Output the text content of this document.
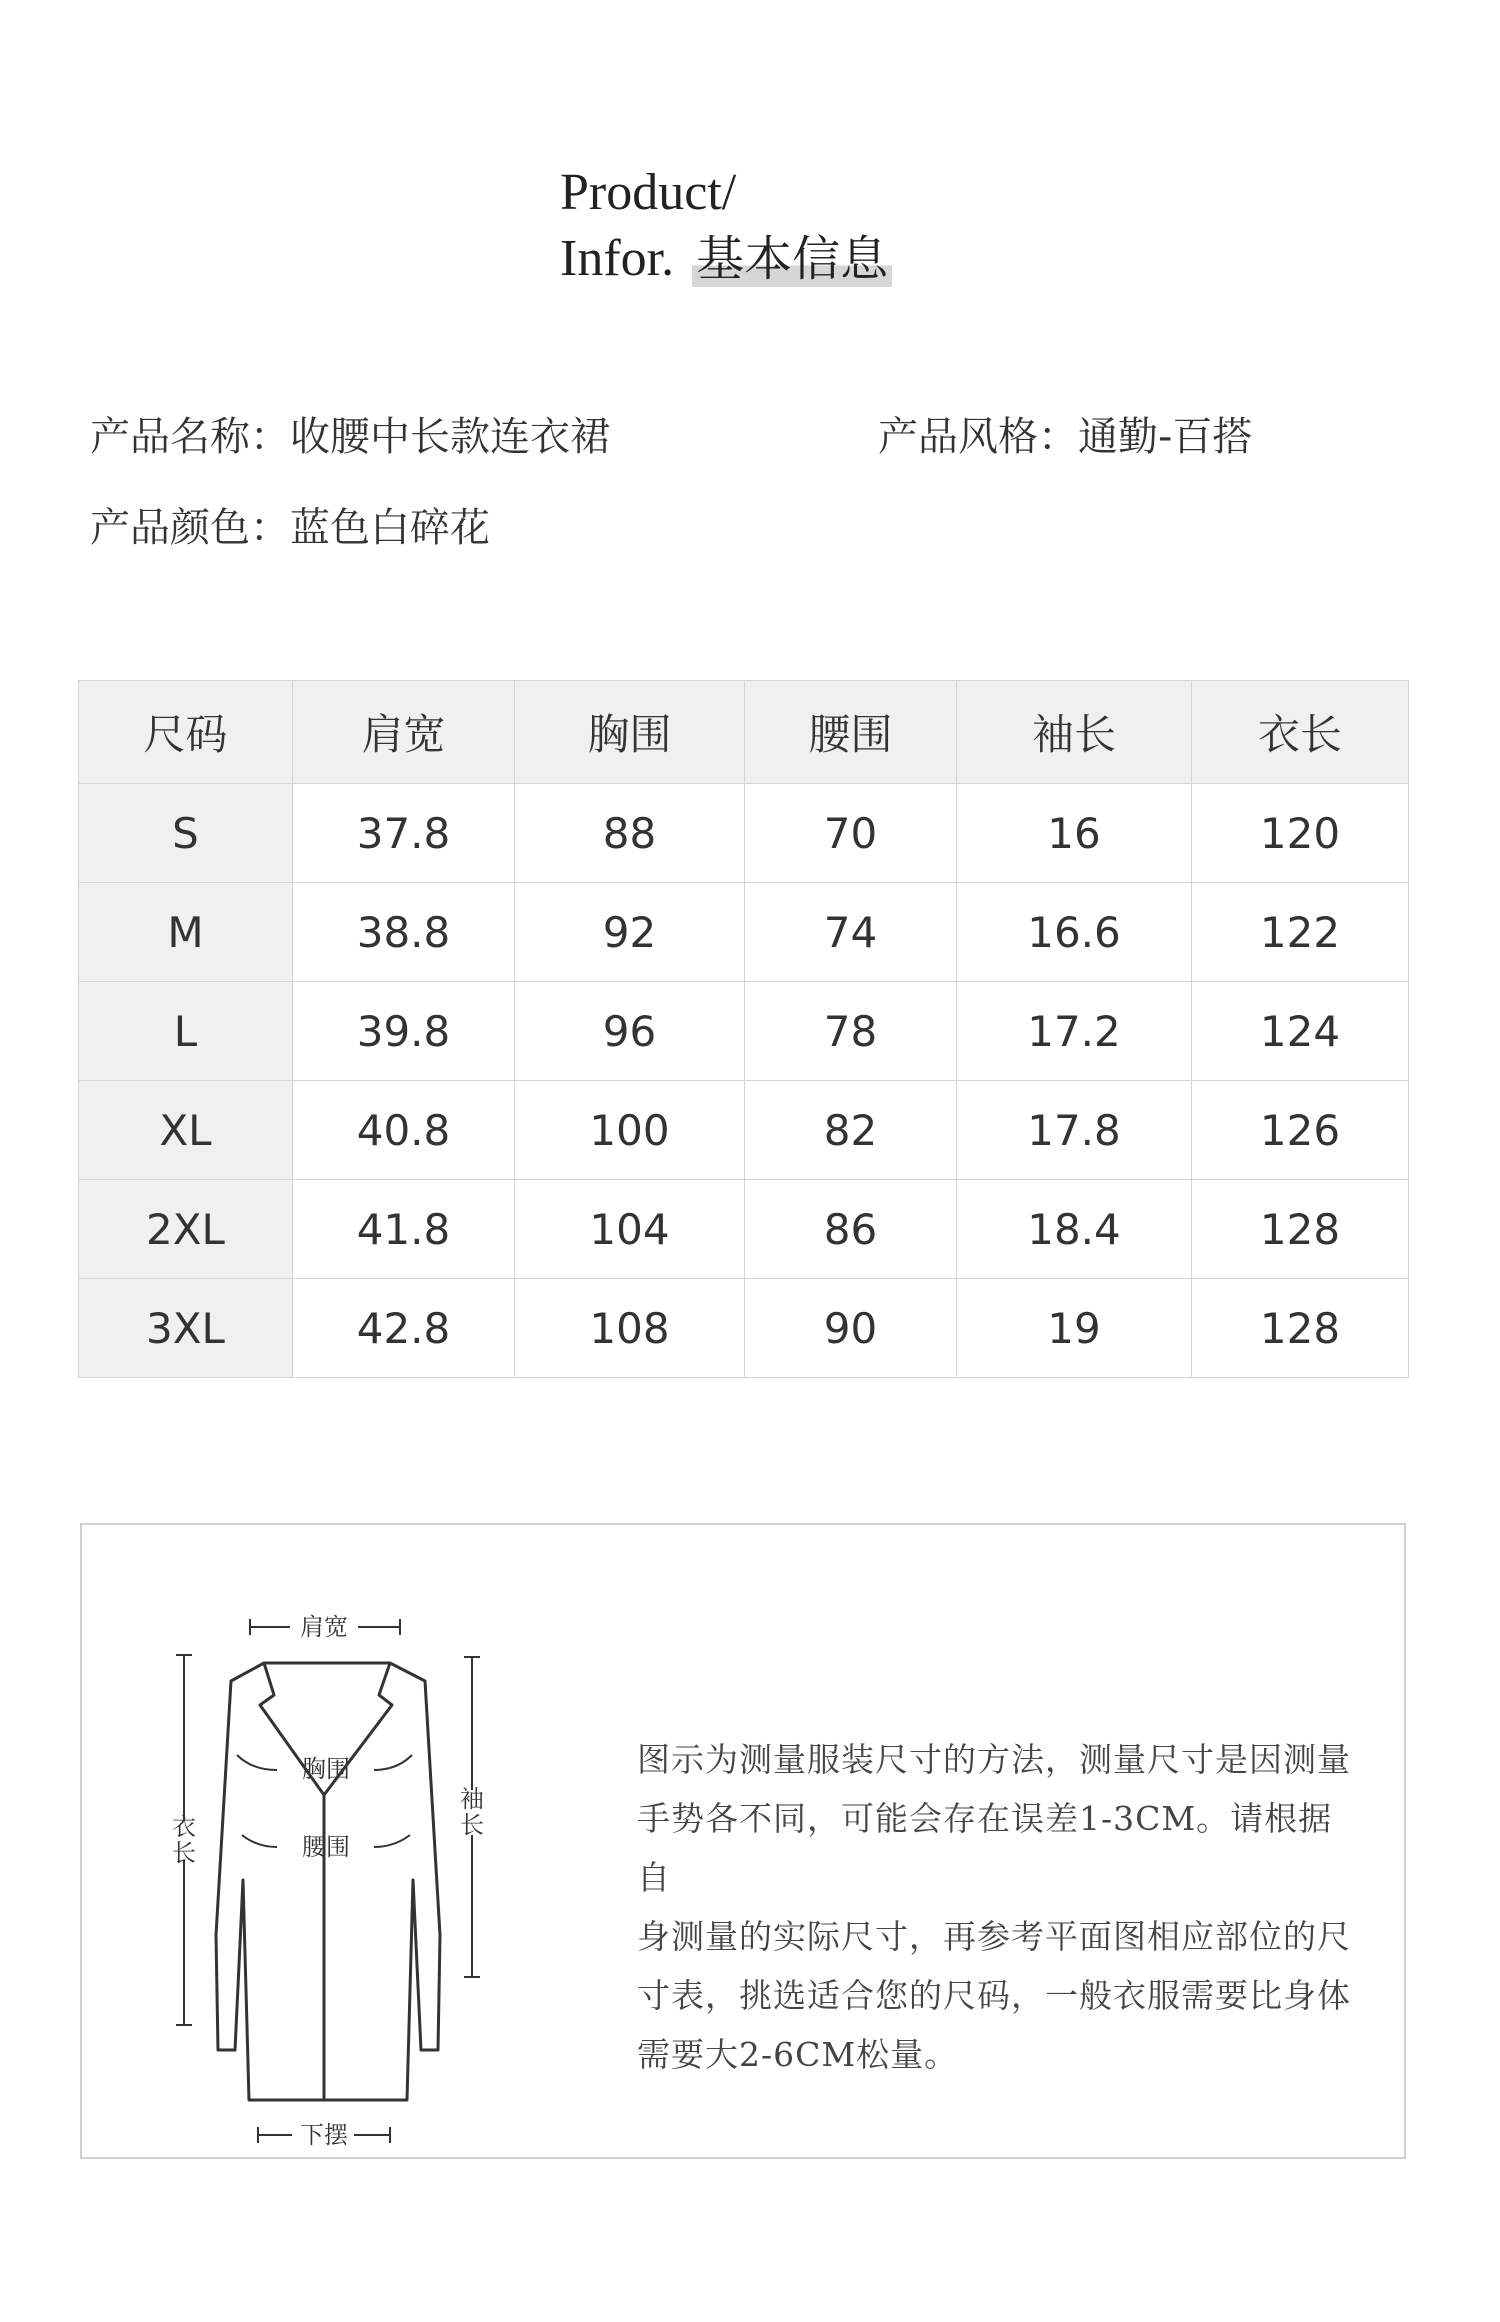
Product/
Infor. 基本信息
产品名称：收腰中长款连衣裙	产品风格：通勤-百搭
产品颜色：蓝色白碎花
尺码	肩宽	胸围	腰围	袖长	衣长
S	37.8	88	70	16	120
M	38.8	92	74	16.6	122
L	39.8	96	78	17.2	124
XL	40.8	100	82	17.8	126
2XL	41.8	104	86	18.4	128
3XL	42.8	108	90	19	128
肩宽
胸围
腰围
衣
长
袖
长
下摆
图示为测量服装尺寸的方法，测量尺寸是因测量
手势各不同，可能会存在误差1-3CM。请根据自
身测量的实际尺寸，再参考平面图相应部位的尺
寸表，挑选适合您的尺码，一般衣服需要比身体
需要大2-6CM松量。
